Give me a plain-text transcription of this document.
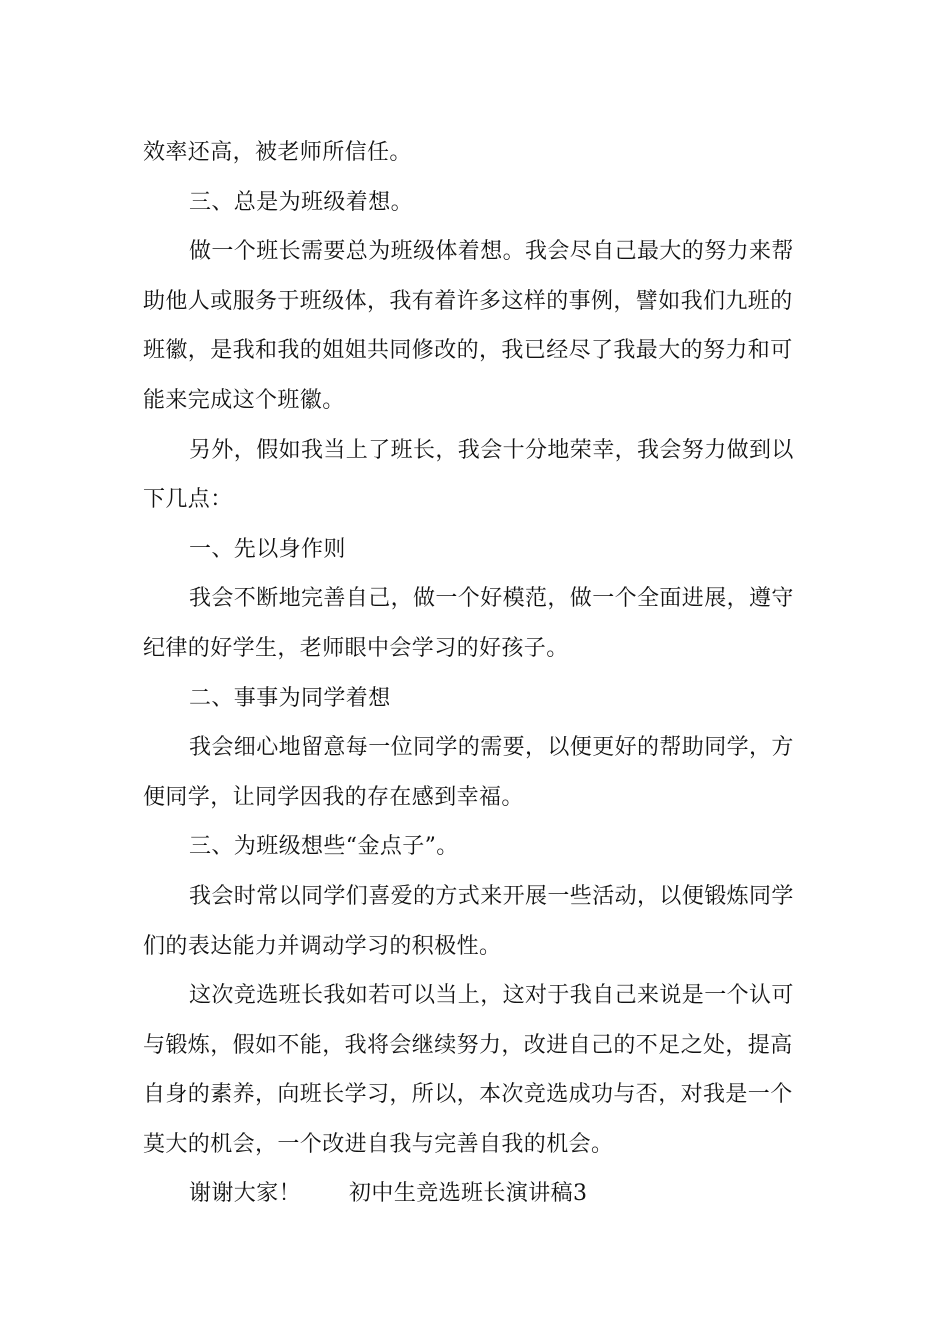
效率还高，被老师所信任。

三、总是为班级着想。

做一个班长需要总为班级体着想。我会尽自己最大的努力来帮助他人或服务于班级体，我有着许多这样的事例，譬如我们九班的班徽，是我和我的姐姐共同修改的，我已经尽了我最大的努力和可能来完成这个班徽。

另外，假如我当上了班长，我会十分地荣幸，我会努力做到以下几点：

一、先以身作则

我会不断地完善自己，做一个好模范，做一个全面进展，遵守纪律的好学生，老师眼中会学习的好孩子。

二、事事为同学着想

我会细心地留意每一位同学的需要，以便更好的帮助同学，方便同学，让同学因我的存在感到幸福。

三、为班级想些“金点子”。

我会时常以同学们喜爱的方式来开展一些活动，以便锻炼同学们的表达能力并调动学习的积极性。

这次竞选班长我如若可以当上，这对于我自己来说是一个认可与锻炼，假如不能，我将会继续努力，改进自己的不足之处，提高自身的素养，向班长学习，所以，本次竞选成功与否，对我是一个莫大的机会，一个改进自我与完善自我的机会。

谢谢大家！ 初中生竞选班长演讲稿3
